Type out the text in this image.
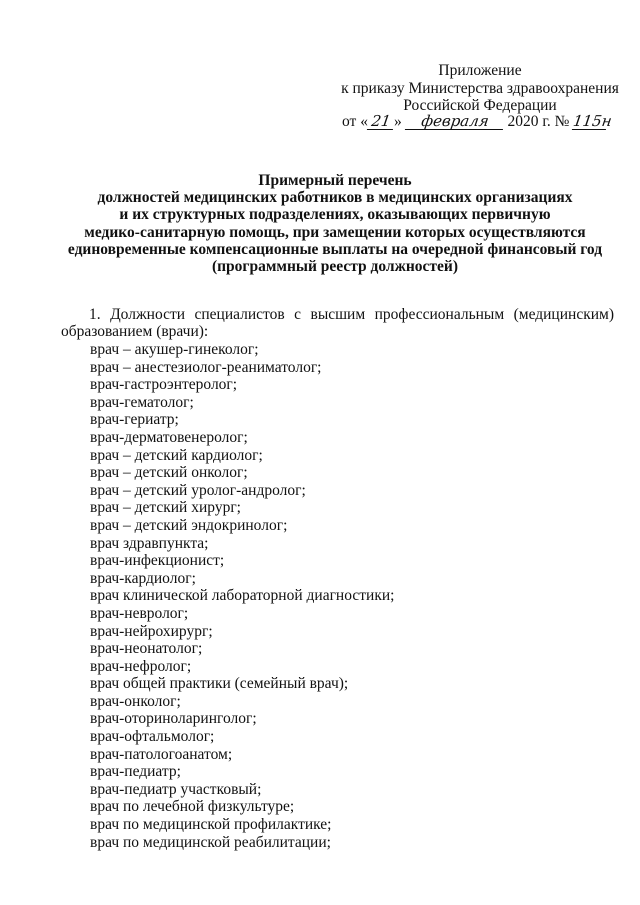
Приложение
к приказу Министерства здравоохранения
Российской Федерации
от « 21 » февраля 2020 г. № 115н
Примерный перечень
должностей медицинских работников в медицинских организациях
и их структурных подразделениях, оказывающих первичную
медико-санитарную помощь, при замещении которых осуществляются
единовременные компенсационные выплаты на очередной финансовый год
(программный реестр должностей)
1. Должности специалистов с высшим профессиональным (медицинским)
образованием (врачи):
врач – акушер-гинеколог;
врач – анестезиолог-реаниматолог;
врач-гастроэнтеролог;
врач-гематолог;
врач-гериатр;
врач-дерматовенеролог;
врач – детский кардиолог;
врач – детский онколог;
врач – детский уролог-андролог;
врач – детский хирург;
врач – детский эндокринолог;
врач здравпункта;
врач-инфекционист;
врач-кардиолог;
врач клинической лабораторной диагностики;
врач-невролог;
врач-нейрохирург;
врач-неонатолог;
врач-нефролог;
врач общей практики (семейный врач);
врач-онколог;
врач-оториноларинголог;
врач-офтальмолог;
врач-патологоанатом;
врач-педиатр;
врач-педиатр участковый;
врач по лечебной физкультуре;
врач по медицинской профилактике;
врач по медицинской реабилитации;
